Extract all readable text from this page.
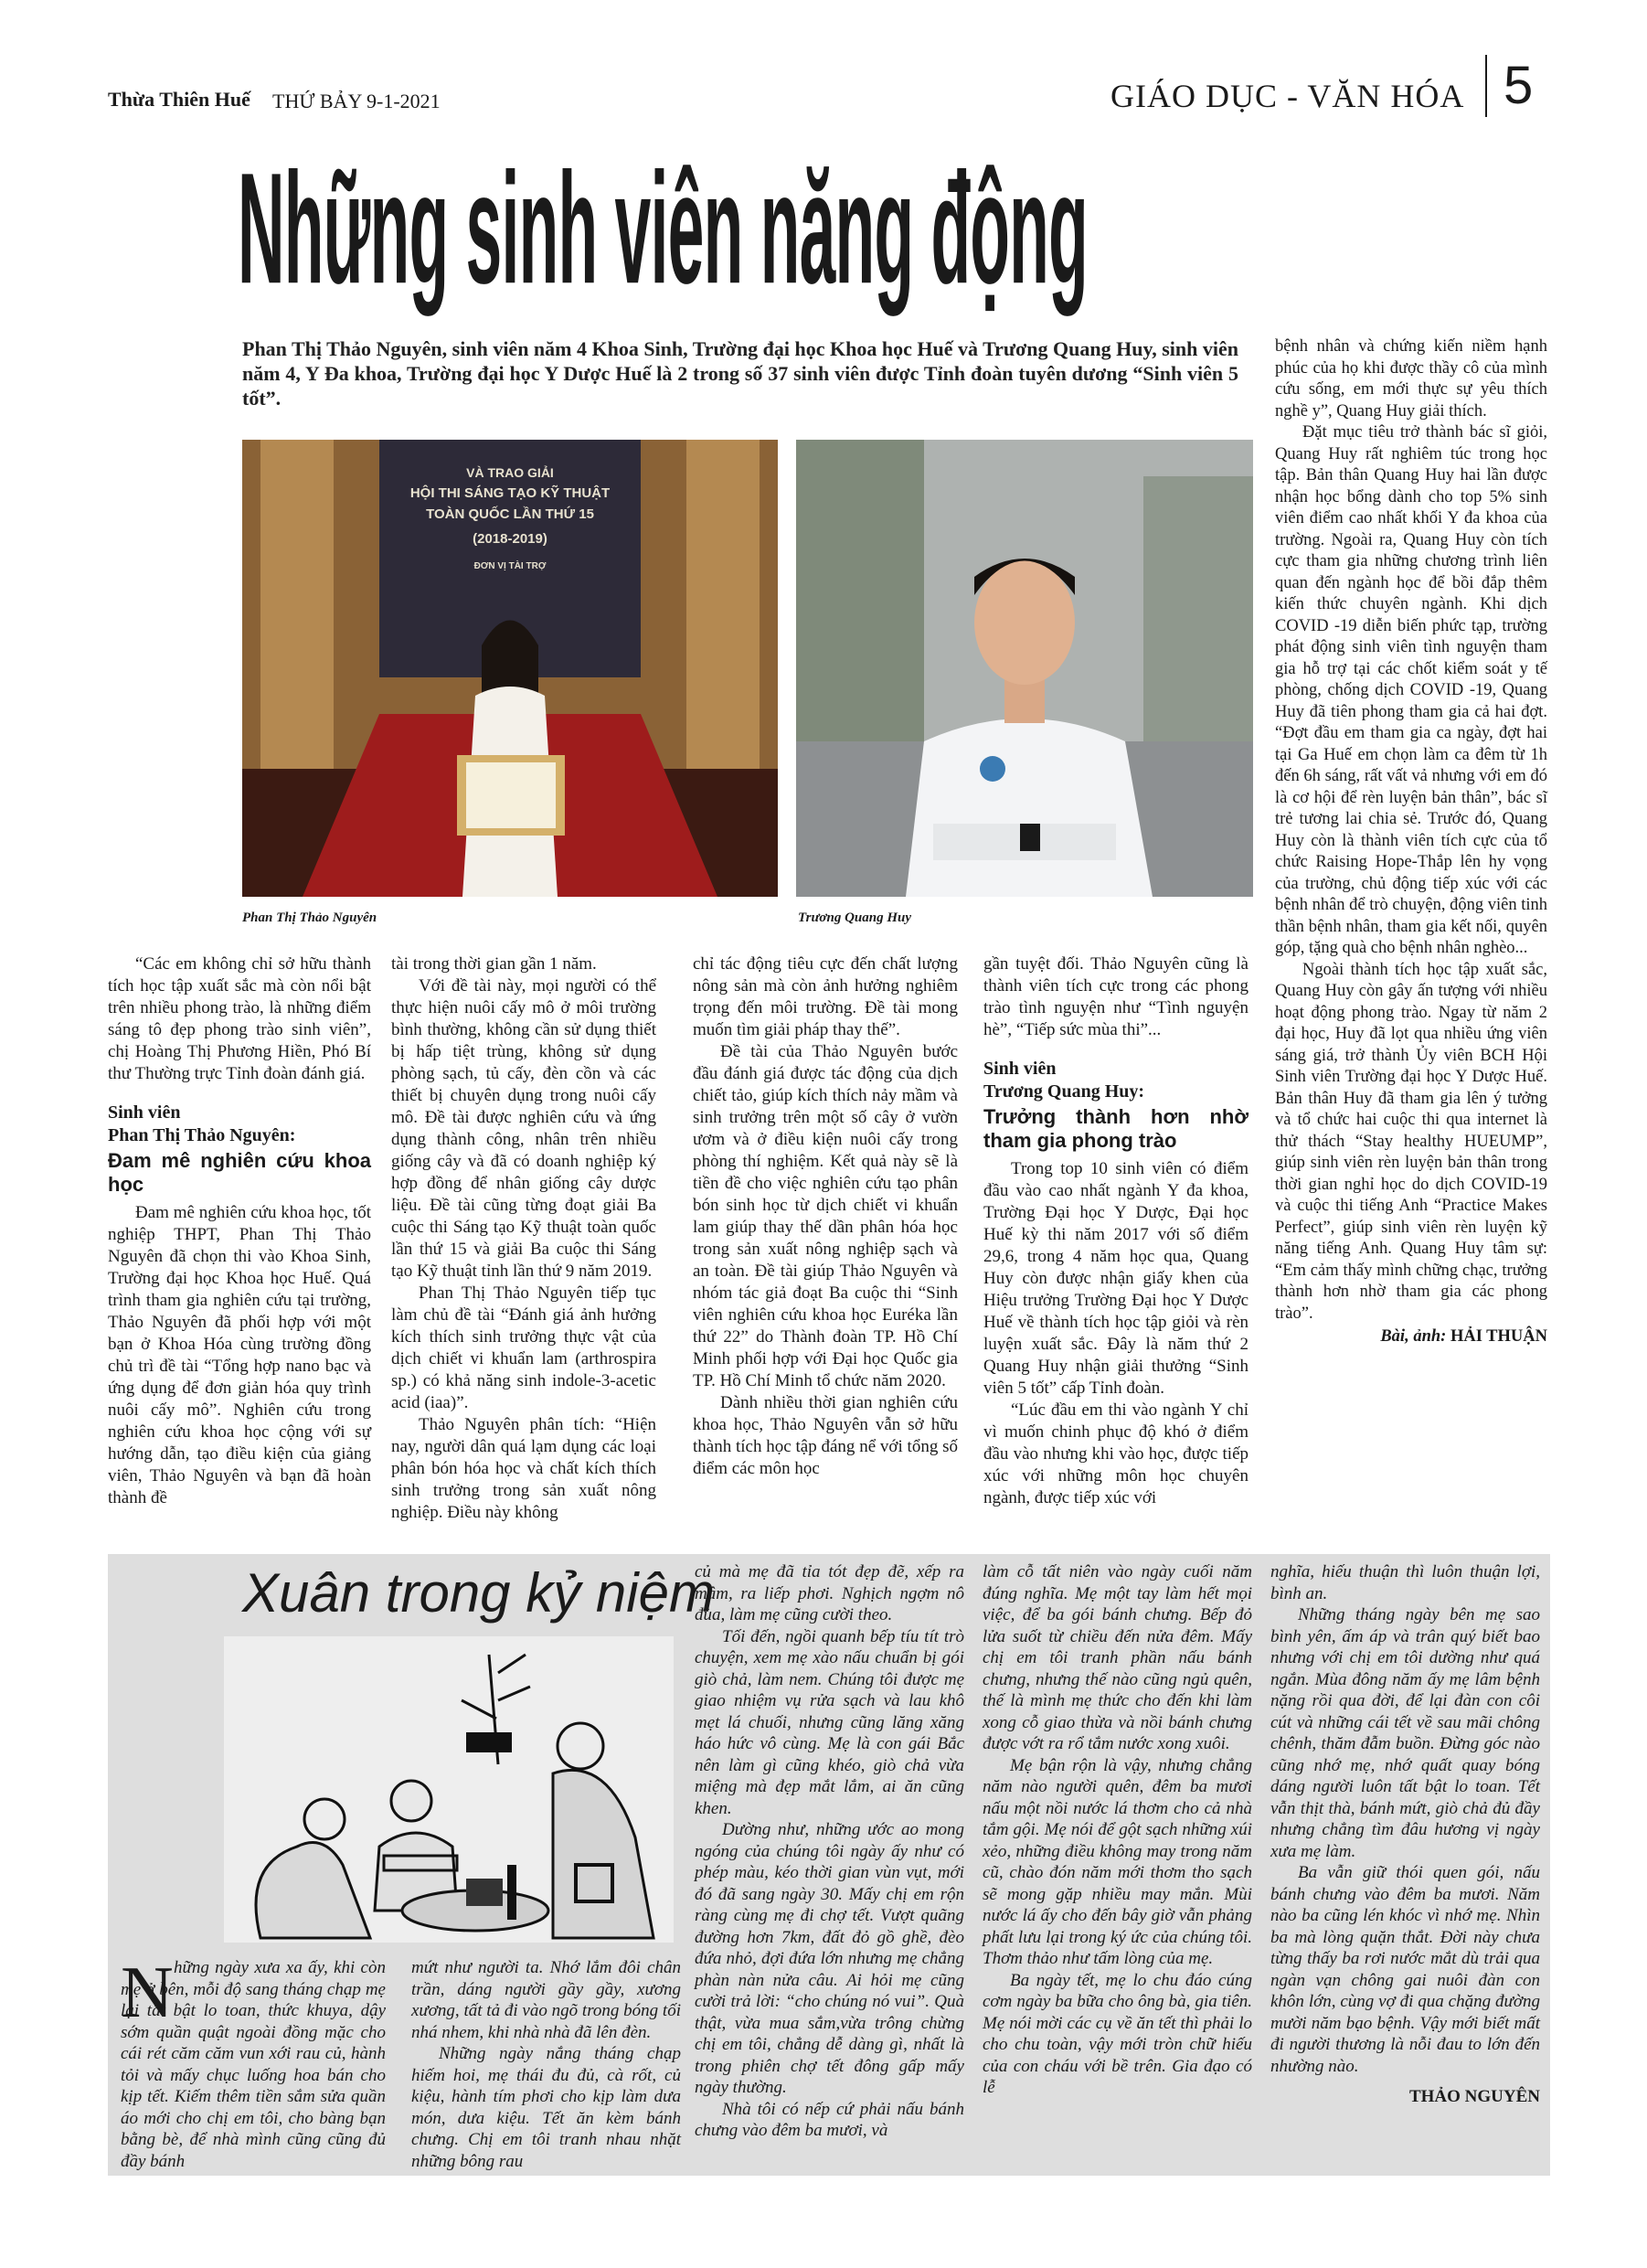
Thừa Thiên Huế THỨ BẢY 9-1-2021	GIÁO DỤC - VĂN HÓA 5
Những sinh viên năng động
Phan Thị Thảo Nguyên, sinh viên năm 4 Khoa Sinh, Trường đại học Khoa học Huế và Trương Quang Huy, sinh viên năm 4, Y Đa khoa, Trường đại học Y Dược Huế là 2 trong số 37 sinh viên được Tỉnh đoàn tuyên dương “Sinh viên 5 tốt”.
VÀ TRAO GIẢI
HỘI THI SÁNG TẠO KỸ THUẬT
TOÀN QUỐC LẦN THỨ 15
(2018-2019)
ĐƠN VỊ TÀI TRỢ
Phan Thị Thảo Nguyên	Trương Quang Huy

“Các em không chỉ sở hữu thành tích học tập xuất sắc mà còn nổi bật trên nhiều phong trào, là những điểm sáng tô đẹp phong trào sinh viên”, chị Hoàng Thị Phương Hiền, Phó Bí thư Thường trực Tỉnh đoàn đánh giá.

Sinh viên
Phan Thị Thảo Nguyên:
Đam mê nghiên cứu khoa học

Đam mê nghiên cứu khoa học, tốt nghiệp THPT, Phan Thị Thảo Nguyên đã chọn thi vào Khoa Sinh, Trường đại học Khoa học Huế. Quá trình tham gia nghiên cứu tại trường, Thảo Nguyên đã phối hợp với một bạn ở Khoa Hóa cùng trường đồng chủ trì đề tài “Tổng hợp nano bạc và ứng dụng để đơn giản hóa quy trình nuôi cấy mô”. Nghiên cứu trong nghiên cứu khoa học cộng với sự hướng dẫn, tạo điều kiện của giảng viên, Thảo Nguyên và bạn đã hoàn thành đề

tài trong thời gian gần 1 năm.

Với đề tài này, mọi người có thể thực hiện nuôi cấy mô ở môi trường bình thường, không cần sử dụng thiết bị hấp tiệt trùng, không sử dụng phòng sạch, tủ cấy, đèn cồn và các thiết bị chuyên dụng trong nuôi cấy mô. Đề tài được nghiên cứu và ứng dụng thành công, nhân trên nhiều giống cây và đã có doanh nghiệp ký hợp đồng để nhân giống cây dược liệu. Đề tài cũng từng đoạt giải Ba cuộc thi Sáng tạo Kỹ thuật toàn quốc lần thứ 15 và giải Ba cuộc thi Sáng tạo Kỹ thuật tỉnh lần thứ 9 năm 2019.

Phan Thị Thảo Nguyên tiếp tục làm chủ đề tài “Đánh giá ảnh hưởng kích thích sinh trưởng thực vật của dịch chiết vi khuẩn lam (arthrospira sp.) có khả năng sinh indole-3-acetic acid (iaa)”.

Thảo Nguyên phân tích: “Hiện nay, người dân quá lạm dụng các loại phân bón hóa học và chất kích thích sinh trưởng trong sản xuất nông nghiệp. Điều này không

chỉ tác động tiêu cực đến chất lượng nông sản mà còn ảnh hưởng nghiêm trọng đến môi trường. Đề tài mong muốn tìm giải pháp thay thế”.

Đề tài của Thảo Nguyên bước đầu đánh giá được tác động của dịch chiết tảo, giúp kích thích nảy mầm và sinh trưởng trên một số cây ở vườn ươm và ở điều kiện nuôi cấy trong phòng thí nghiệm. Kết quả này sẽ là tiền đề cho việc nghiên cứu tạo phân bón sinh học từ dịch chiết vi khuẩn lam giúp thay thế dần phân hóa học trong sản xuất nông nghiệp sạch và an toàn. Đề tài giúp Thảo Nguyên và nhóm tác giả đoạt Ba cuộc thi “Sinh viên nghiên cứu khoa học Euréka lần thứ 22” do Thành đoàn TP. Hồ Chí Minh phối hợp với Đại học Quốc gia TP. Hồ Chí Minh tổ chức năm 2020.

Dành nhiều thời gian nghiên cứu khoa học, Thảo Nguyên vẫn sở hữu thành tích học tập đáng nể với tổng số điểm các môn học

gần tuyệt đối. Thảo Nguyên cũng là thành viên tích cực trong các phong trào tình nguyện như “Tình nguyện hè”, “Tiếp sức mùa thi”...

Sinh viên
Trương Quang Huy:
Trưởng thành hơn nhờ tham gia phong trào

Trong top 10 sinh viên có điểm đầu vào cao nhất ngành Y đa khoa, Trường Đại học Y Dược, Đại học Huế kỳ thi năm 2017 với số điểm 29,6, trong 4 năm học qua, Quang Huy còn được nhận giấy khen của Hiệu trưởng Trường Đại học Y Dược Huế về thành tích học tập giỏi và rèn luyện xuất sắc. Đây là năm thứ 2 Quang Huy nhận giải thưởng “Sinh viên 5 tốt” cấp Tỉnh đoàn.

“Lúc đầu em thi vào ngành Y chỉ vì muốn chinh phục độ khó ở điểm đầu vào nhưng khi vào học, được tiếp xúc với những môn học chuyên ngành, được tiếp xúc với

bệnh nhân và chứng kiến niềm hạnh phúc của họ khi được thầy cô của mình cứu sống, em mới thực sự yêu thích nghề y”, Quang Huy giải thích.

Đặt mục tiêu trở thành bác sĩ giỏi, Quang Huy rất nghiêm túc trong học tập. Bản thân Quang Huy hai lần được nhận học bổng dành cho top 5% sinh viên điểm cao nhất khối Y đa khoa của trường. Ngoài ra, Quang Huy còn tích cực tham gia những chương trình liên quan đến ngành học để bồi đắp thêm kiến thức chuyên ngành. Khi dịch COVID -19 diễn biến phức tạp, trường phát động sinh viên tình nguyện tham gia hỗ trợ tại các chốt kiểm soát y tế phòng, chống dịch COVID -19, Quang Huy đã tiên phong tham gia cả hai đợt. “Đợt đầu em tham gia ca ngày, đợt hai tại Ga Huế em chọn làm ca đêm từ 1h đến 6h sáng, rất vất vả nhưng với em đó là cơ hội để rèn luyện bản thân”, bác sĩ trẻ tương lai chia sẻ. Trước đó, Quang Huy còn là thành viên tích cực của tổ chức Raising Hope-Thắp lên hy vọng của trường, chủ động tiếp xúc với các bệnh nhân để trò chuyện, động viên tinh thần bệnh nhân, tham gia kết nối, quyên góp, tặng quà cho bệnh nhân nghèo...

Ngoài thành tích học tập xuất sắc, Quang Huy còn gây ấn tượng với nhiều hoạt động phong trào. Ngay từ năm 2 đại học, Huy đã lọt qua nhiều ứng viên sáng giá, trở thành Ủy viên BCH Hội Sinh viên Trường đại học Y Dược Huế. Bản thân Huy đã tham gia lên ý tưởng và tổ chức hai cuộc thi qua internet là thử thách “Stay healthy HUEUMP”, giúp sinh viên rèn luyện bản thân trong thời gian nghỉ học do dịch COVID-19 và cuộc thi tiếng Anh “Practice Makes Perfect”, giúp sinh viên rèn luyện kỹ năng tiếng Anh. Quang Huy tâm sự: “Em cảm thấy mình chững chạc, trưởng thành hơn nhờ tham gia các phong trào”.

Bài, ảnh: HẢI THUẬN
Xuân trong kỷ niệm
N hững ngày xưa xa ấy, khi còn mẹ ở bên, mỗi độ sang tháng chạp mẹ lại tất bật lo toan, thức khuya, dậy sớm quần quật ngoài đồng mặc cho cái rét căm căm vun xới rau củ, hành tỏi và mấy chục luống hoa bán cho kịp tết. Kiếm thêm tiền sắm sửa quần áo mới cho chị em tôi, cho bàng bạn bằng bè, để nhà mình cũng cũng đủ đầy bánh

mứt như người ta. Nhớ lắm đôi chân trần, dáng người gầy gầy, xương xương, tất tả đi vào ngõ trong bóng tối nhá nhem, khi nhà nhà đã lên đèn.

Những ngày nắng tháng chạp hiếm hoi, mẹ thái đu đủ, cà rốt, củ kiệu, hành tím phơi cho kịp làm dưa món, dưa kiệu. Tết ăn kèm bánh chưng. Chị em tôi tranh nhau nhặt những bông rau

củ mà mẹ đã tỉa tót đẹp đẽ, xếp ra mâm, ra liếp phơi. Nghịch ngợm nô đùa, làm mẹ cũng cười theo.

Tối đến, ngồi quanh bếp tíu tít trò chuyện, xem mẹ xào nấu chuẩn bị gói giò chả, làm nem. Chúng tôi được mẹ giao nhiệm vụ rửa sạch và lau khô mẹt lá chuối, nhưng cũng lăng xăng háo hức vô cùng. Mẹ là con gái Bắc nên làm gì cũng khéo, giò chả vừa miệng mà đẹp mắt lắm, ai ăn cũng khen.

Dường như, những ước ao mong ngóng của chúng tôi ngày ấy như có phép màu, kéo thời gian vùn vụt, mới đó đã sang ngày 30. Mấy chị em rộn ràng cùng mẹ đi chợ tết. Vượt quãng đường hơn 7km, đất đỏ gồ ghề, đèo đứa nhỏ, đợi đứa lớn nhưng mẹ chẳng phàn nàn nửa câu. Ai hỏi mẹ cũng cười trả lời: “cho chúng nó vui”. Quà thật, vừa mua sắm,vừa trông chừng chị em tôi, chẳng dễ dàng gì, nhất là trong phiên chợ tết đông gấp mấy ngày thường.

Nhà tôi có nếp cứ phải nấu bánh chưng vào đêm ba mươi, và

làm cỗ tất niên vào ngày cuối năm đúng nghĩa. Mẹ một tay làm hết mọi việc, để ba gói bánh chưng. Bếp đỏ lửa suốt từ chiều đến nửa đêm. Mấy chị em tôi tranh phần nấu bánh chưng, nhưng thế nào cũng ngủ quên, thế là mình mẹ thức cho đến khi làm xong cỗ giao thừa và nồi bánh chưng được vớt ra rổ tắm nước xong xuôi.

Mẹ bận rộn là vậy, nhưng chẳng năm nào người quên, đêm ba mươi nấu một nồi nước lá thơm cho cả nhà tắm gội. Mẹ nói để gột sạch những xúi xẻo, những điều không may trong năm cũ, chào đón năm mới thơm tho sạch sẽ mong gặp nhiều may mắn. Mùi nước lá ấy cho đến bây giờ vẫn phảng phất lưu lại trong ký ức của chúng tôi. Thơm thảo như tấm lòng của mẹ.

Ba ngày tết, mẹ lo chu đáo cúng cơm ngày ba bữa cho ông bà, gia tiên. Mẹ nói mời các cụ về ăn tết thì phải lo cho chu toàn, vậy mới tròn chữ hiếu của con cháu với bề trên. Gia đạo có lễ

nghĩa, hiếu thuận thì luôn thuận lợi, bình an.

Những tháng ngày bên mẹ sao bình yên, ấm áp và trân quý biết bao nhưng với chị em tôi dường như quá ngắn. Mùa đông năm ấy mẹ lâm bệnh nặng rồi qua đời, để lại đàn con côi cút và những cái tết về sau mãi chông chênh, thăm đẫm buồn. Đừng góc nào cũng nhớ mẹ, nhớ quất quay bóng dáng người luôn tất bật lo toan. Tết vẫn thịt thà, bánh mứt, giò chả đủ đầy nhưng chẳng tìm đâu hương vị ngày xưa mẹ làm.

Ba vẫn giữ thói quen gói, nấu bánh chưng vào đêm ba mươi. Năm nào ba cũng lén khóc vì nhớ mẹ. Nhìn ba mà lòng quặn thắt. Đời này chưa từng thấy ba rơi nước mắt dù trải qua ngàn vạn chông gai nuôi đàn con khôn lớn, cùng vợ đi qua chặng đường mười năm bạo bệnh. Vậy mới biết mất đi người thương là nỗi đau to lớn đến nhường nào.

THẢO NGUYÊN
